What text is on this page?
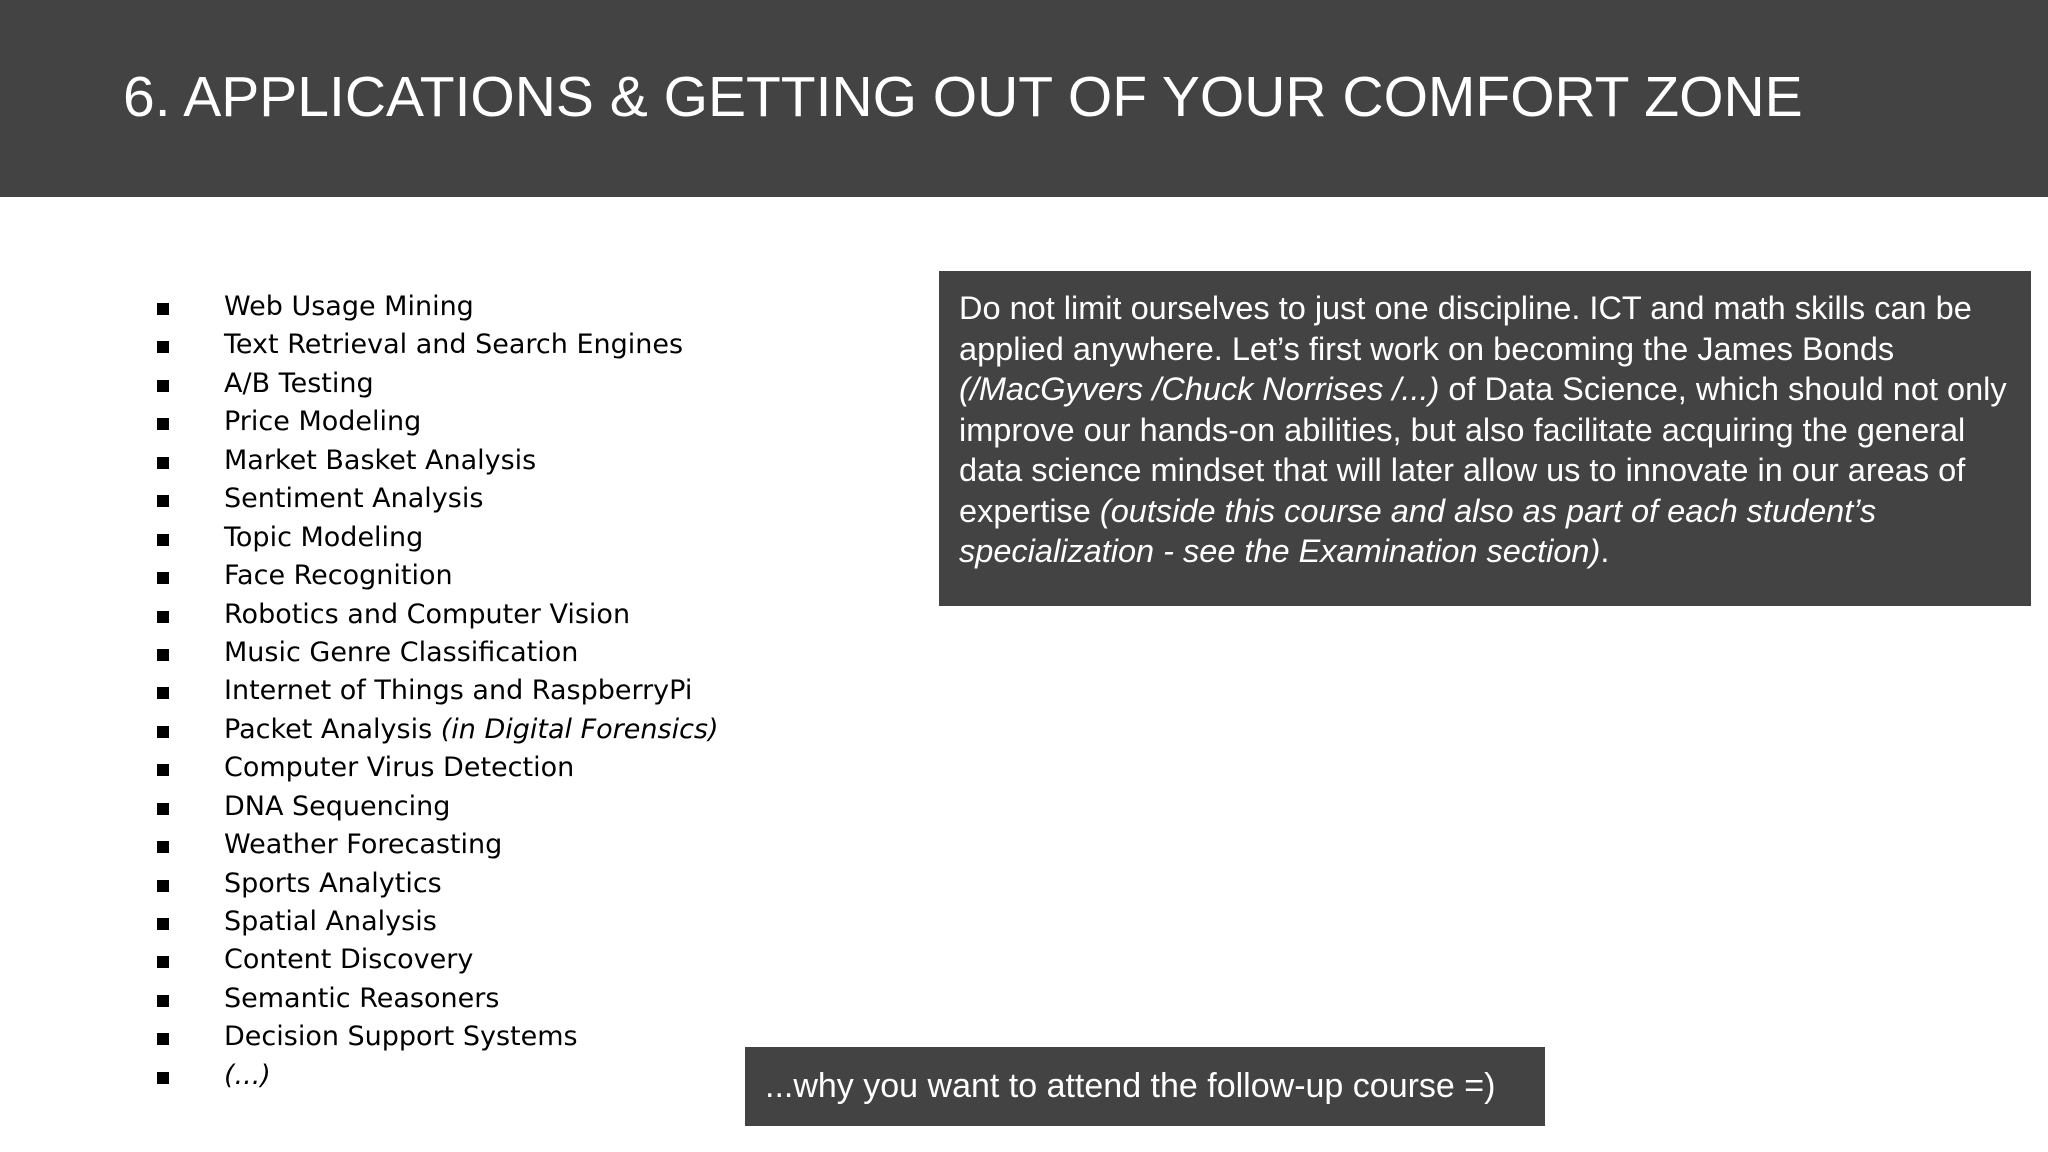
6. APPLICATIONS & GETTING OUT OF YOUR COMFORT ZONE
Web Usage Mining
Text Retrieval and Search Engines
A/B Testing
Price Modeling
Market Basket Analysis
Sentiment Analysis
Topic Modeling
Face Recognition
Robotics and Computer Vision
Music Genre Classification
Internet of Things and RaspberryPi
Packet Analysis (in Digital Forensics)
Computer Virus Detection
DNA Sequencing
Weather Forecasting
Sports Analytics
Spatial Analysis
Content Discovery
Semantic Reasoners
Decision Support Systems
(...)
Do not limit ourselves to just one discipline. ICT and math skills can be applied anywhere. Let’s first work on becoming the James Bonds (/MacGyvers /Chuck Norrises /...) of Data Science, which should not only improve our hands-on abilities, but also facilitate acquiring the general data science mindset that will later allow us to innovate in our areas of expertise (outside this course and also as part of each student’s specialization - see the Examination section).
...why you want to attend the follow-up course =)
